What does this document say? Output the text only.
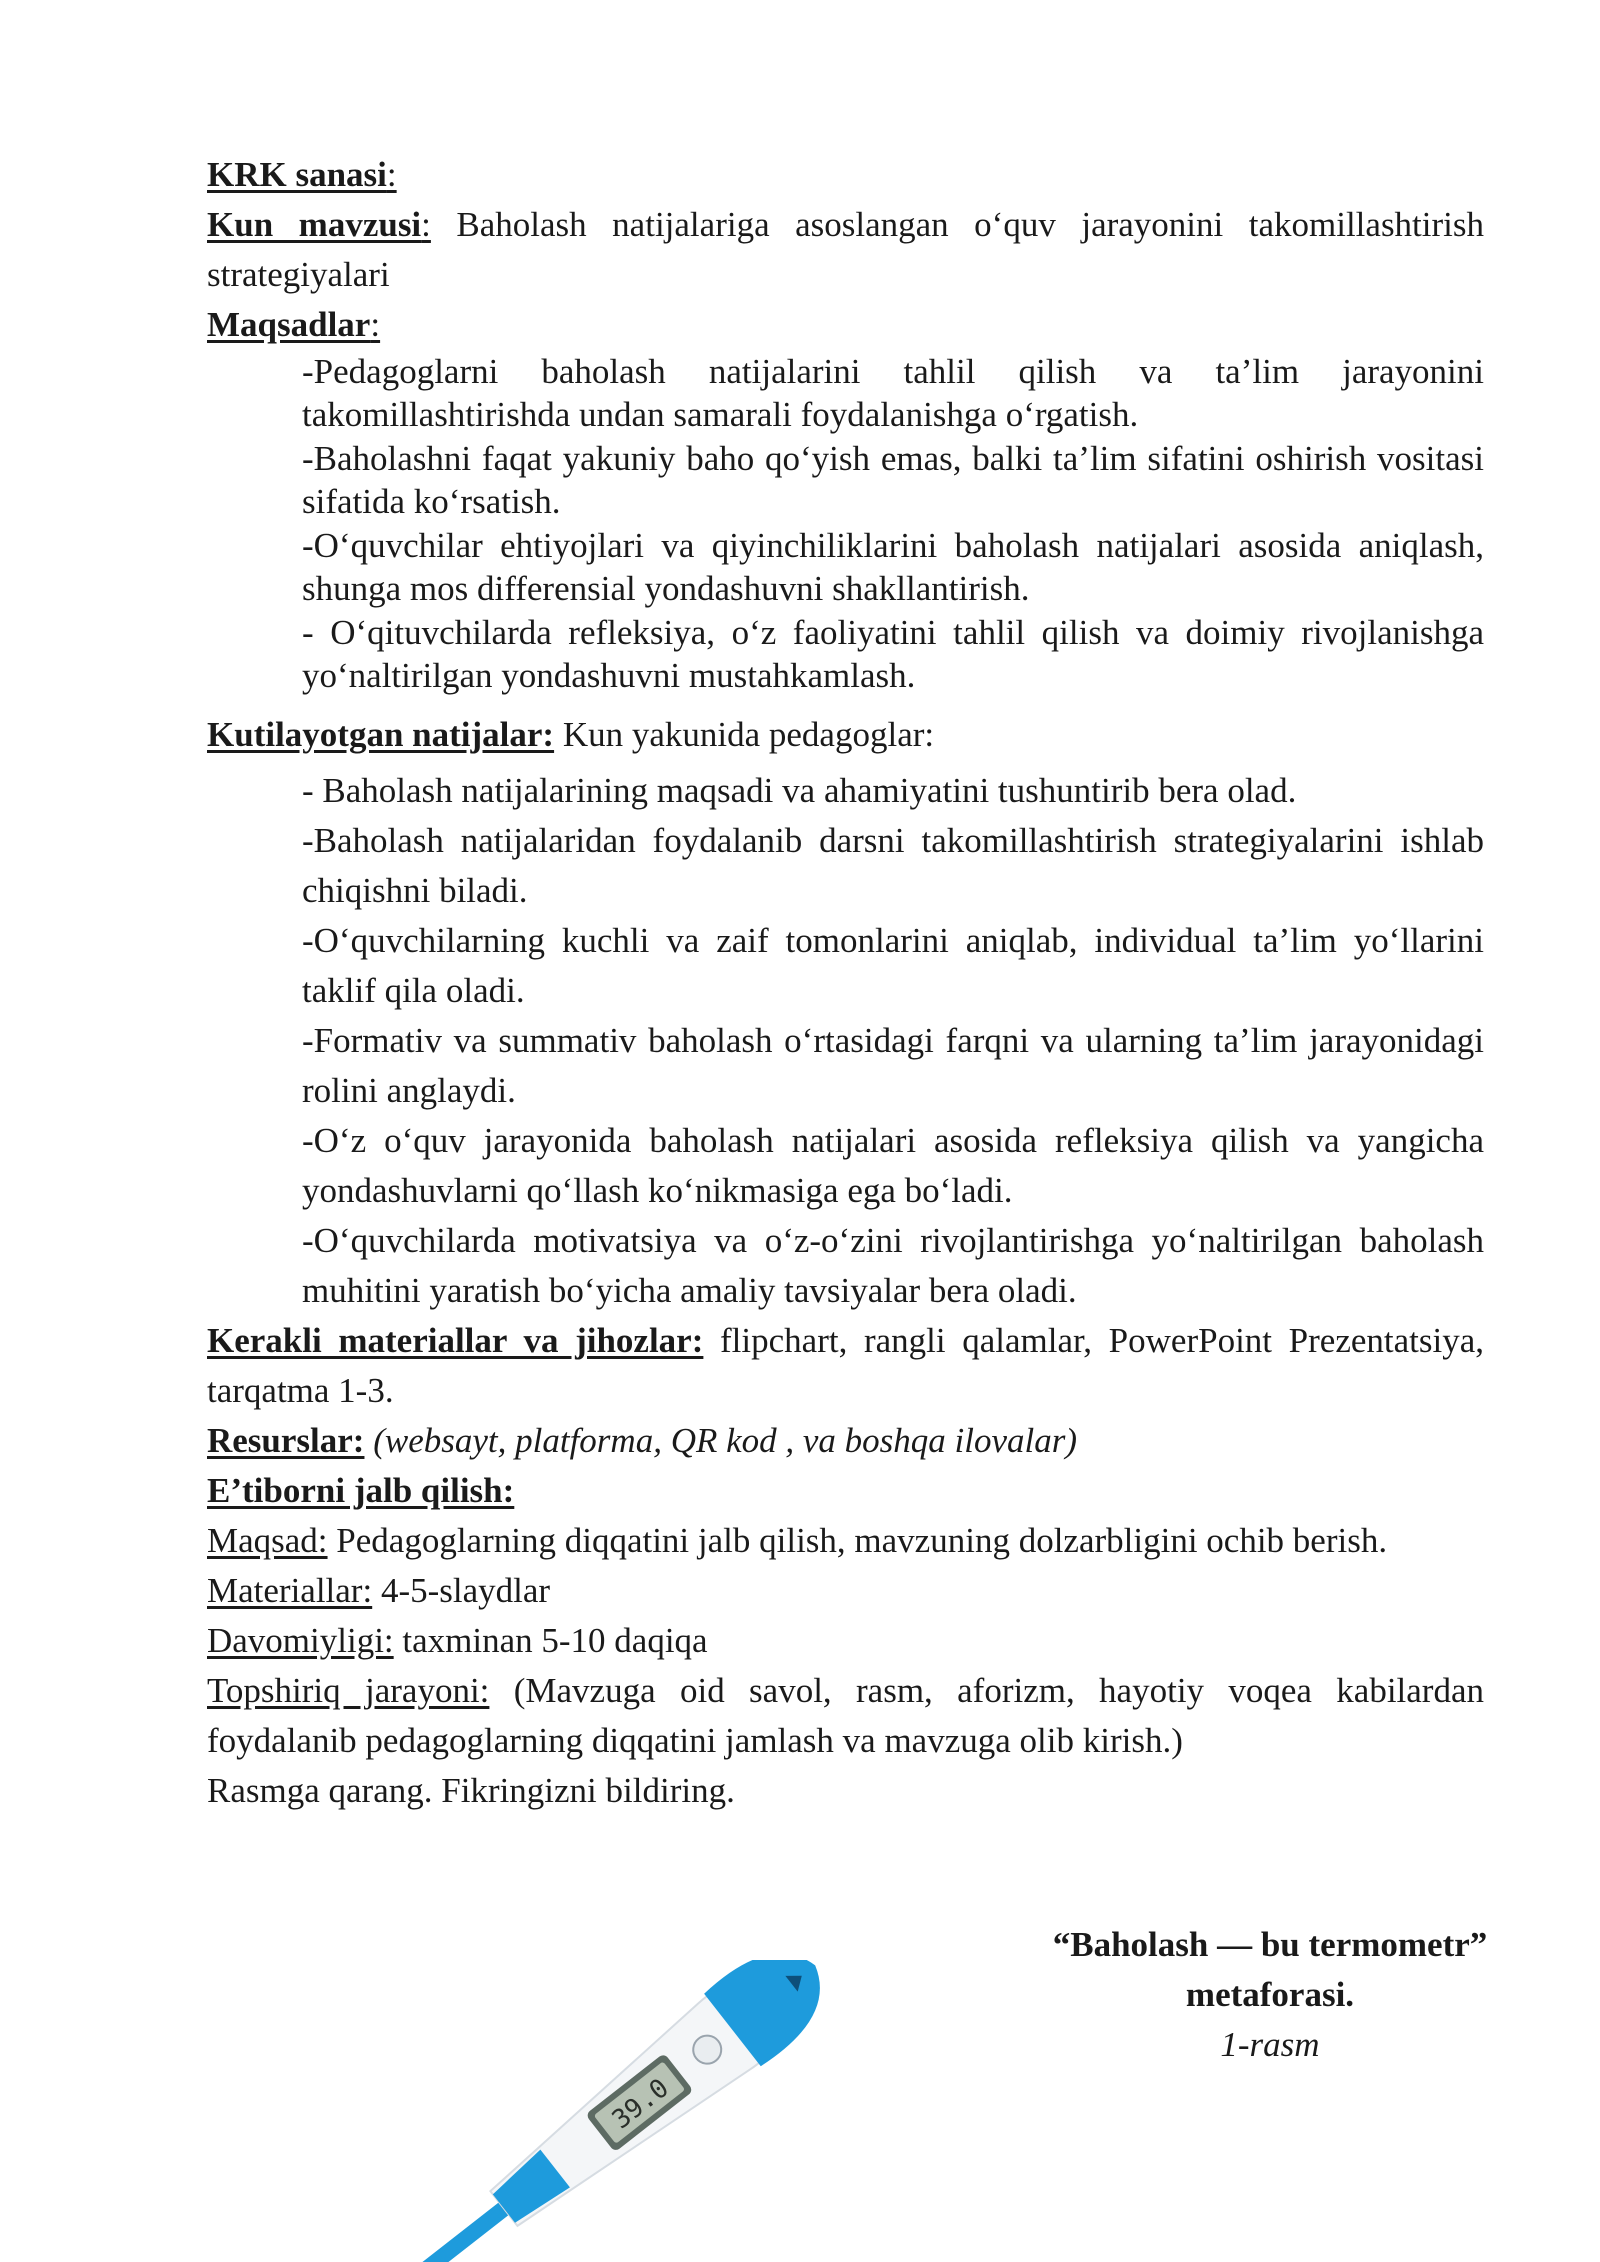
KRK sanasi:

Kun mavzusi: Baholash natijalariga asoslangan o‘quv jarayonini takomillashtirish strategiyalari

Maqsadlar:

-Pedagoglarni baholash natijalarini tahlil qilish va ta’lim jarayonini takomillashtirishda undan samarali foydalanishga o‘rgatish.

-Baholashni faqat yakuniy baho qo‘yish emas, balki ta’lim sifatini oshirish vositasi sifatida ko‘rsatish.

-O‘quvchilar ehtiyojlari va qiyinchiliklarini baholash natijalari asosida aniqlash, shunga mos differensial yondashuvni shakllantirish.

- O‘qituvchilarda refleksiya, o‘z faoliyatini tahlil qilish va doimiy rivojlanishga yo‘naltirilgan yondashuvni mustahkamlash.

Kutilayotgan natijalar: Kun yakunida pedagoglar:

- Baholash natijalarining maqsadi va ahamiyatini tushuntirib bera olad.

-Baholash natijalaridan foydalanib darsni takomillashtirish strategiyalarini ishlab chiqishni biladi.

-O‘quvchilarning kuchli va zaif tomonlarini aniqlab, individual ta’lim yo‘llarini taklif qila oladi.

-Formativ va summativ baholash o‘rtasidagi farqni va ularning ta’lim jarayonidagi rolini anglaydi.

-O‘z o‘quv jarayonida baholash natijalari asosida refleksiya qilish va yangicha yondashuvlarni qo‘llash ko‘nikmasiga ega bo‘ladi.

-O‘quvchilarda motivatsiya va o‘z-o‘zini rivojlantirishga yo‘naltirilgan baholash muhitini yaratish bo‘yicha amaliy tavsiyalar bera oladi.

Kerakli materiallar va jihozlar: flipchart, rangli qalamlar, PowerPoint Prezentatsiya, tarqatma 1-3.

Resurslar: (websayt, platforma, QR kod , va boshqa ilovalar)

E’tiborni jalb qilish:

Maqsad: Pedagoglarning diqqatini jalb qilish, mavzuning dolzarbligini ochib berish.

Materiallar: 4-5-slaydlar

Davomiyligi: taxminan 5-10 daqiqa

Topshiriq jarayoni: (Mavzuga oid savol, rasm, aforizm, hayotiy voqea kabilardan foydalanib pedagoglarning diqqatini jamlash va mavzuga olib kirish.)

Rasmga qarang. Fikringizni bildiring.

“Baholash — bu termometr” metaforasi.
1-rasm
39.0
